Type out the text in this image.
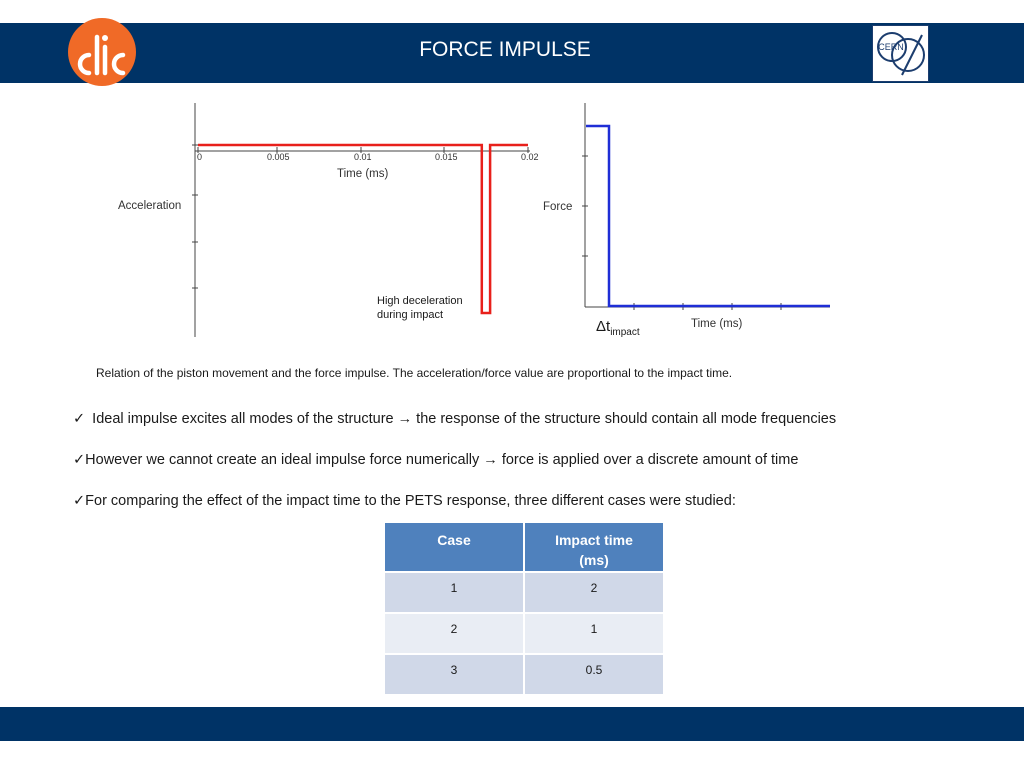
FORCE IMPULSE
CLIC
CERN
0	0.005	0.01	0.015	0.02
Time (ms)
Acceleration
High deceleration during impact
Force
Time (ms)
$\Delta t_{impact}$
Relation of the piston movement and the force impulse. The acceleration/force value are proportional to the impact time.
✓ Ideal impulse excites all modes of the structure → the response of the structure should contain all mode frequencies
✓However we cannot create an ideal impulse force numerically → force is applied over a discrete amount of time
✓For comparing the effect of the impact time to the PETS response, three different cases were studied:
Case	Impact time
(ms)
1	2
2	1
3	0.5
